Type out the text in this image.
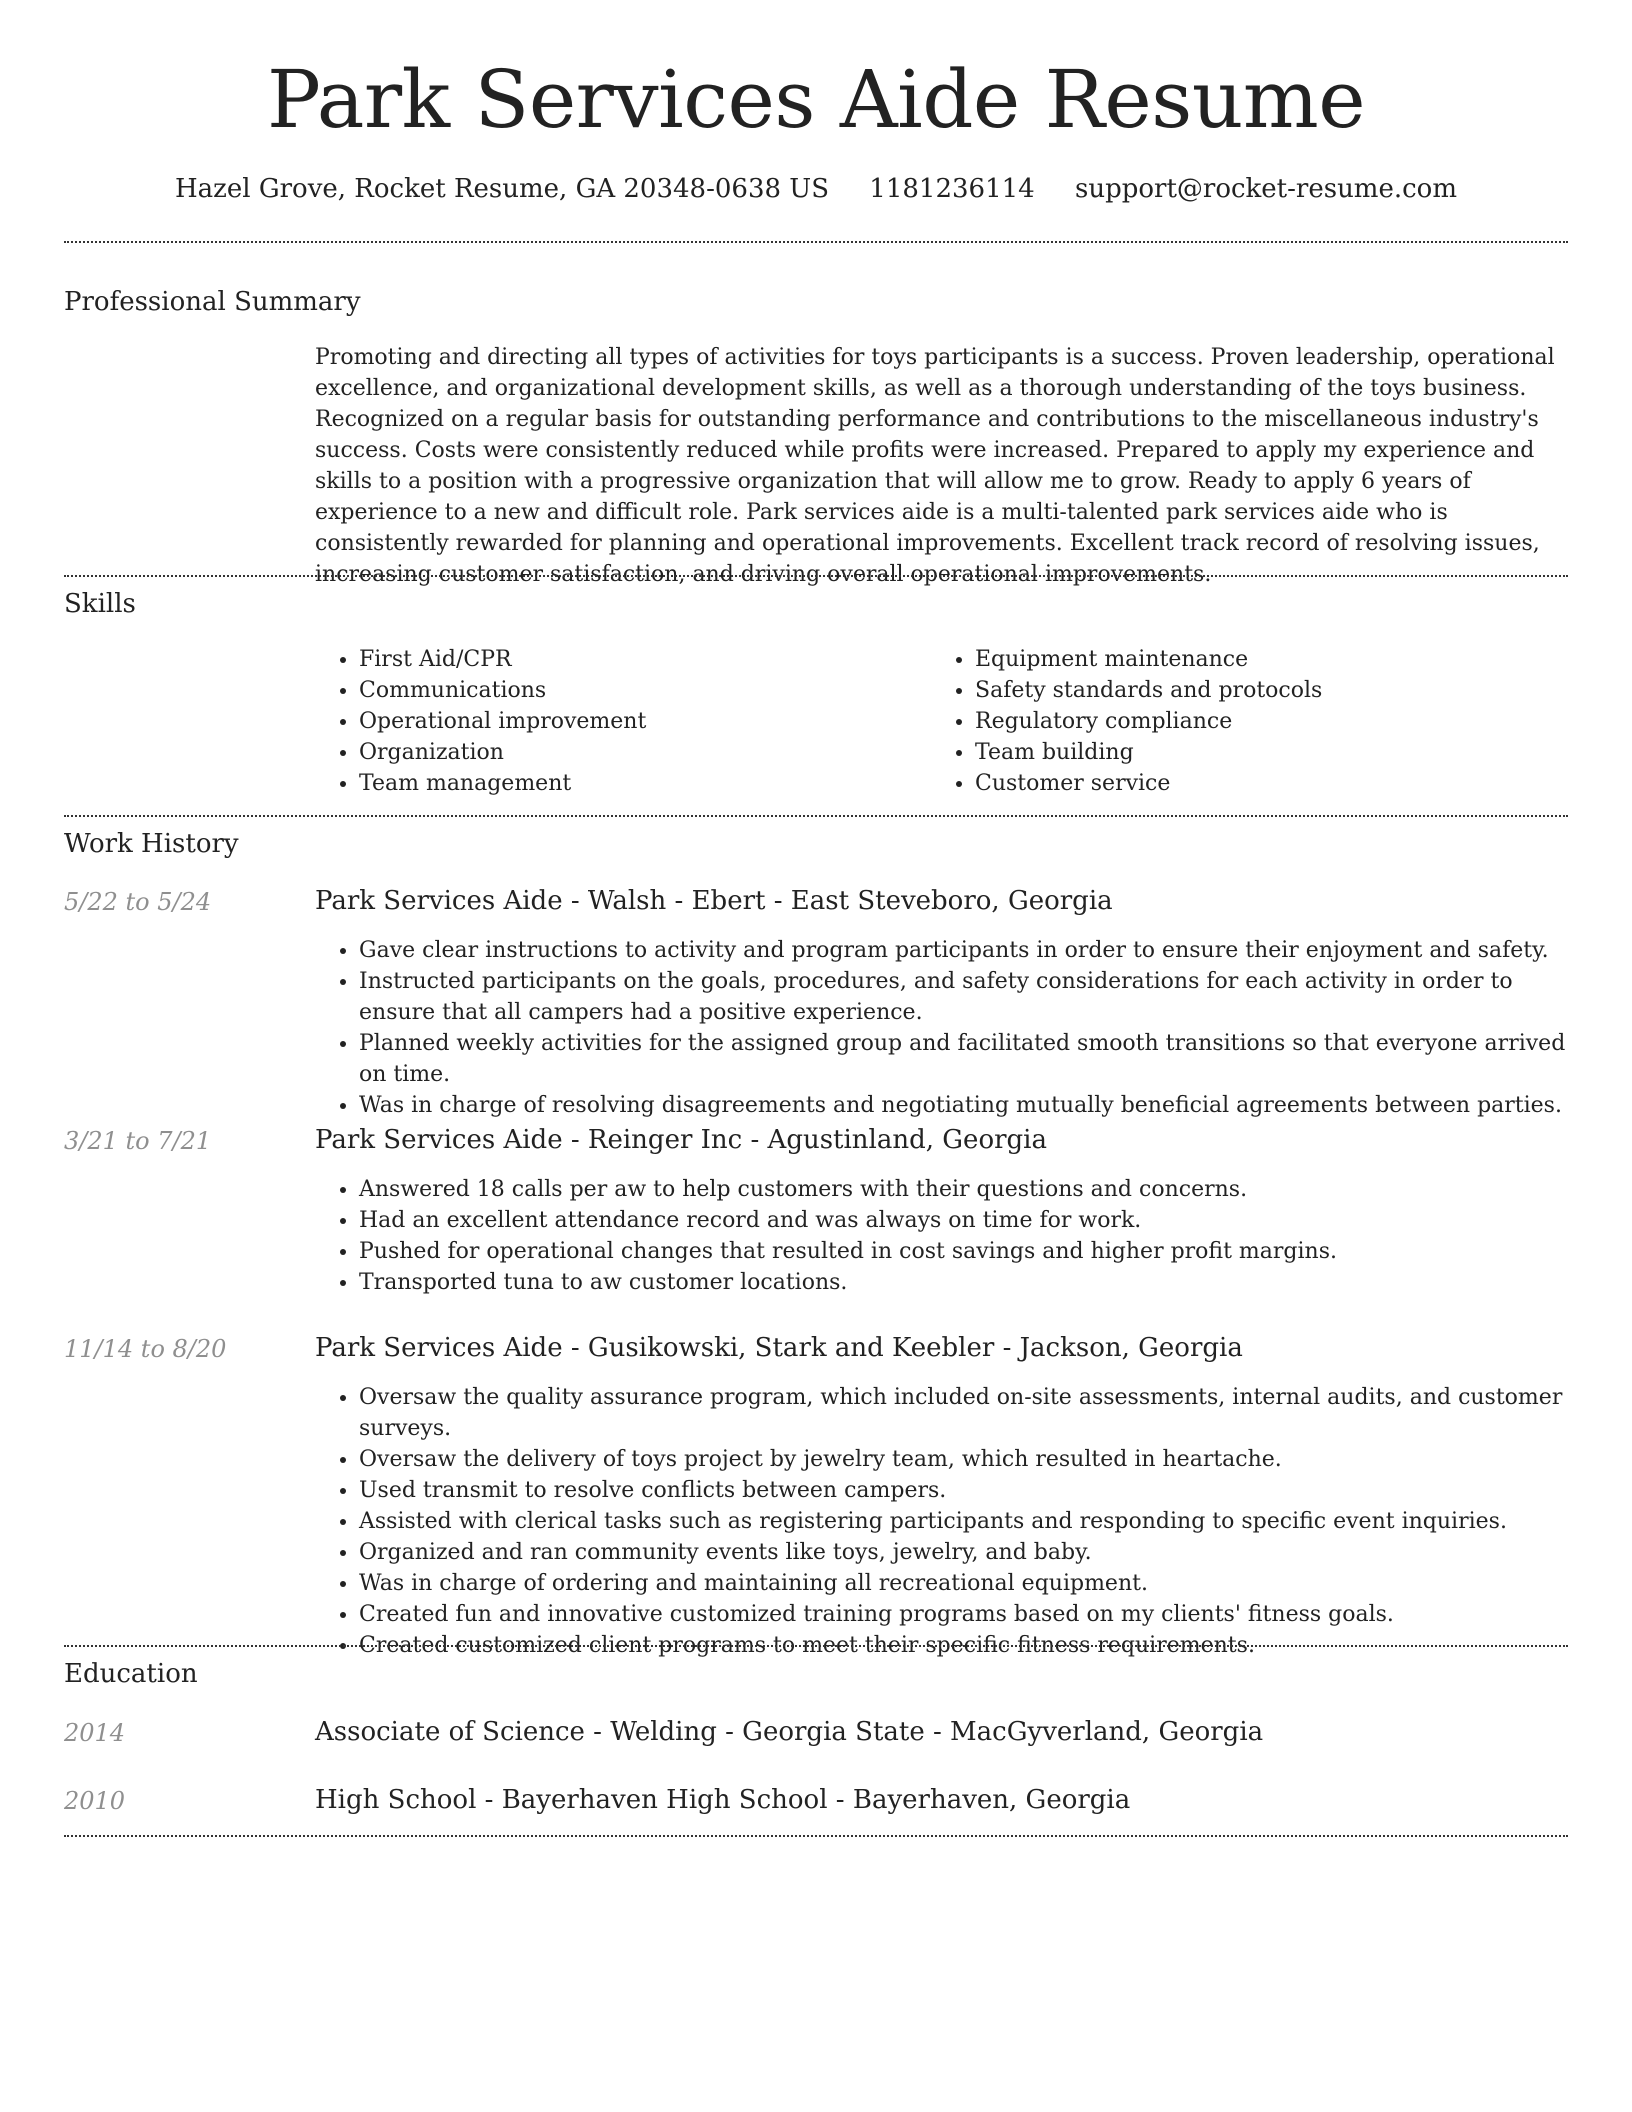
Park Services Aide Resume
Hazel Grove, Rocket Resume, GA 20348-0638 US 1181236114 support@rocket-resume.com
Professional Summary

Promoting and directing all types of activities for toys participants is a success. Proven leadership, operational excellence, and organizational development skills, as well as a thorough understanding of the toys business. Recognized on a regular basis for outstanding performance and contributions to the miscellaneous industry's success. Costs were consistently reduced while profits were increased. Prepared to apply my experience and skills to a position with a progressive organization that will allow me to grow. Ready to apply 6 years of experience to a new and difficult role. Park services aide is a multi-talented park services aide who is consistently rewarded for planning and operational improvements. Excellent track record of resolving issues, increasing customer satisfaction, and driving overall operational improvements.

Skills
• First Aid/CPR
• Communications
• Operational improvement
• Organization
• Team management
• Equipment maintenance
• Safety standards and protocols
• Regulatory compliance
• Team building
• Customer service
Work History
5/22 to 5/24	Park Services Aide - Walsh - Ebert - East Steveboro, Georgia
• Gave clear instructions to activity and program participants in order to ensure their enjoyment and safety.
• Instructed participants on the goals, procedures, and safety considerations for each activity in order to ensure that all campers had a positive experience.
• Planned weekly activities for the assigned group and facilitated smooth transitions so that everyone arrived on time.
• Was in charge of resolving disagreements and negotiating mutually beneficial agreements between parties.
3/21 to 7/21	Park Services Aide - Reinger Inc - Agustinland, Georgia
• Answered 18 calls per aw to help customers with their questions and concerns.
• Had an excellent attendance record and was always on time for work.
• Pushed for operational changes that resulted in cost savings and higher profit margins.
• Transported tuna to aw customer locations.
11/14 to 8/20	Park Services Aide - Gusikowski, Stark and Keebler - Jackson, Georgia
• Oversaw the quality assurance program, which included on-site assessments, internal audits, and customer surveys.
• Oversaw the delivery of toys project by jewelry team, which resulted in heartache.
• Used transmit to resolve conflicts between campers.
• Assisted with clerical tasks such as registering participants and responding to specific event inquiries.
• Organized and ran community events like toys, jewelry, and baby.
• Was in charge of ordering and maintaining all recreational equipment.
• Created fun and innovative customized training programs based on my clients' fitness goals.
• Created customized client programs to meet their specific fitness requirements.
Education
2014	Associate of Science - Welding - Georgia State - MacGyverland, Georgia
2010	High School - Bayerhaven High School - Bayerhaven, Georgia
